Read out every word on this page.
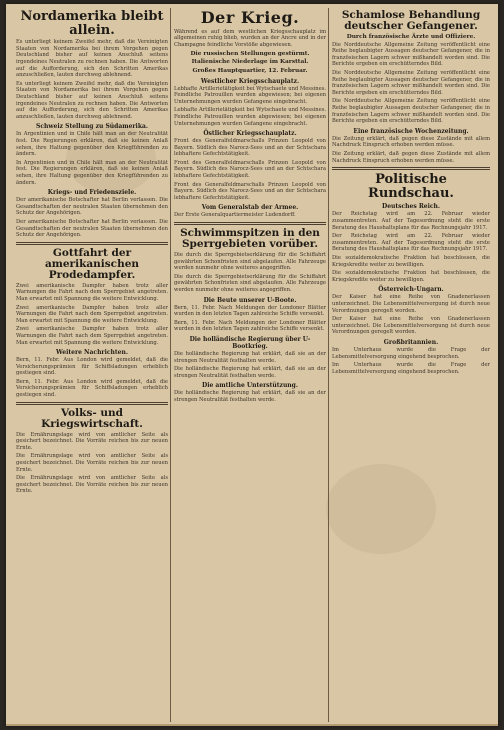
Nordamerika bleibt allein.

Es unterliegt keinem Zweifel mehr, daß die Vereinigten Staaten von Nordamerika bei ihrem Vorgehen gegen Deutschland bisher auf keinen Anschluß seitens irgendeines Neutralen zu rechnen haben. Die Antworten auf die Aufforderung, sich den Schritten Amerikas anzuschließen, lauten durchweg ablehnend.

Es unterliegt keinem Zweifel mehr, daß die Vereinigten Staaten von Nordamerika bei ihrem Vorgehen gegen Deutschland bisher auf keinen Anschluß seitens irgendeines Neutralen zu rechnen haben. Die Antworten auf die Aufforderung, sich den Schritten Amerikas anzuschließen, lauten durchweg ablehnend.

Schweiz Stellung zu Südamerika.

In Argentinien und in Chile hält man an der Neutralität fest. Die Regierungen erklären, daß sie keinen Anlaß sehen, ihre Haltung gegenüber den Kriegführenden zu ändern.

In Argentinien und in Chile hält man an der Neutralität fest. Die Regierungen erklären, daß sie keinen Anlaß sehen, ihre Haltung gegenüber den Kriegführenden zu ändern.

Kriegs- und Friedensziele.

Der amerikanische Botschafter hat Berlin verlassen. Die Gesandtschaften der neutralen Staaten übernehmen den Schutz der Angehörigen.

Der amerikanische Botschafter hat Berlin verlassen. Die Gesandtschaften der neutralen Staaten übernehmen den Schutz der Angehörigen.

Gottfahrt der amerikanischen Prodedampfer.

Zwei amerikanische Dampfer haben trotz aller Warnungen die Fahrt nach dem Sperrgebiet angetreten. Man erwartet mit Spannung die weitere Entwicklung.

Zwei amerikanische Dampfer haben trotz aller Warnungen die Fahrt nach dem Sperrgebiet angetreten. Man erwartet mit Spannung die weitere Entwicklung.

Zwei amerikanische Dampfer haben trotz aller Warnungen die Fahrt nach dem Sperrgebiet angetreten. Man erwartet mit Spannung die weitere Entwicklung.

Weitere Nachrichten.

Bern, 11. Febr. Aus London wird gemeldet, daß die Versicherungsprämien für Schiffsladungen erheblich gestiegen sind.

Bern, 11. Febr. Aus London wird gemeldet, daß die Versicherungsprämien für Schiffsladungen erheblich gestiegen sind.

Volks- und Kriegswirtschaft.

Die Ernährungslage wird von amtlicher Seite als gesichert bezeichnet. Die Vorräte reichen bis zur neuen Ernte.

Die Ernährungslage wird von amtlicher Seite als gesichert bezeichnet. Die Vorräte reichen bis zur neuen Ernte.

Die Ernährungslage wird von amtlicher Seite als gesichert bezeichnet. Die Vorräte reichen bis zur neuen Ernte.

Der Krieg.

Während es auf dem westlichen Kriegsschauplatz im allgemeinen ruhig blieb, wurden an der Ancre und in der Champagne feindliche Vorstöße abgewiesen.

Die russischen Stellungen gestürmt.
Italienische Niederlage im Karsttal.
Großes Hauptquartier, 12. Februar.
Westlicher Kriegsschauplatz.

Lebhafte Artillerietätigkeit bei Wytschaete und Messines. Feindliche Patrouillen wurden abgewiesen; bei eigenen Unternehmungen wurden Gefangene eingebracht.

Lebhafte Artillerietätigkeit bei Wytschaete und Messines. Feindliche Patrouillen wurden abgewiesen; bei eigenen Unternehmungen wurden Gefangene eingebracht.

Östlicher Kriegsschauplatz.

Front des Generalfeldmarschalls Prinzen Leopold von Bayern. Südlich des Narocz-Sees und an der Schtschara lebhaftere Gefechtstätigkeit.

Front des Generalfeldmarschalls Prinzen Leopold von Bayern. Südlich des Narocz-Sees und an der Schtschara lebhaftere Gefechtstätigkeit.

Front des Generalfeldmarschalls Prinzen Leopold von Bayern. Südlich des Narocz-Sees und an der Schtschara lebhaftere Gefechtstätigkeit.

Vom Generalstab der Armee.

Der Erste Generalquartiermeister Ludendorff.

Schwimmspitzen in den Sperrgebieten vorüber.

Die durch die Sperrgebietserklärung für die Schiffahrt gewährten Schonfristen sind abgelaufen. Alle Fahrzeuge werden nunmehr ohne weiteres angegriffen.

Die durch die Sperrgebietserklärung für die Schiffahrt gewährten Schonfristen sind abgelaufen. Alle Fahrzeuge werden nunmehr ohne weiteres angegriffen.

Die Beute unserer U-Boote.

Bern, 11. Febr. Nach Meldungen der Londoner Blätter wurden in den letzten Tagen zahlreiche Schiffe versenkt.

Bern, 11. Febr. Nach Meldungen der Londoner Blätter wurden in den letzten Tagen zahlreiche Schiffe versenkt.

Die holländische Regierung über U-Bootkrieg.

Die holländische Regierung hat erklärt, daß sie an der strengen Neutralität festhalten werde.

Die holländische Regierung hat erklärt, daß sie an der strengen Neutralität festhalten werde.

Die amtliche Unterstützung.

Die holländische Regierung hat erklärt, daß sie an der strengen Neutralität festhalten werde.

Schamlose Behandlung deutscher Gefangener.
Durch französische Ärzte und Offiziere.

Die Norddeutsche Allgemeine Zeitung veröffentlicht eine Reihe beglaubigter Aussagen deutscher Gefangener, die in französischen Lagern schwer mißhandelt worden sind. Die Berichte ergeben ein erschütterndes Bild.

Die Norddeutsche Allgemeine Zeitung veröffentlicht eine Reihe beglaubigter Aussagen deutscher Gefangener, die in französischen Lagern schwer mißhandelt worden sind. Die Berichte ergeben ein erschütterndes Bild.

Die Norddeutsche Allgemeine Zeitung veröffentlicht eine Reihe beglaubigter Aussagen deutscher Gefangener, die in französischen Lagern schwer mißhandelt worden sind. Die Berichte ergeben ein erschütterndes Bild.

Eine französische Wochenzeitung.

Die Zeitung erklärt, daß gegen diese Zustände mit allem Nachdruck Einspruch erhoben werden müsse.

Die Zeitung erklärt, daß gegen diese Zustände mit allem Nachdruck Einspruch erhoben werden müsse.

Politische Rundschau.
Deutsches Reich.

Der Reichstag wird am 22. Februar wieder zusammentreten. Auf der Tagesordnung steht die erste Beratung des Haushaltsplans für das Rechnungsjahr 1917.

Der Reichstag wird am 22. Februar wieder zusammentreten. Auf der Tagesordnung steht die erste Beratung des Haushaltsplans für das Rechnungsjahr 1917.

Die sozialdemokratische Fraktion hat beschlossen, die Kriegskredite weiter zu bewilligen.

Die sozialdemokratische Fraktion hat beschlossen, die Kriegskredite weiter zu bewilligen.

Österreich-Ungarn.

Der Kaiser hat eine Reihe von Gnadenerlassen unterzeichnet. Die Lebensmittelversorgung ist durch neue Verordnungen geregelt worden.

Der Kaiser hat eine Reihe von Gnadenerlassen unterzeichnet. Die Lebensmittelversorgung ist durch neue Verordnungen geregelt worden.

Großbritannien.

Im Unterhaus wurde die Frage der Lebensmittelversorgung eingehend besprochen.

Im Unterhaus wurde die Frage der Lebensmittelversorgung eingehend besprochen.
